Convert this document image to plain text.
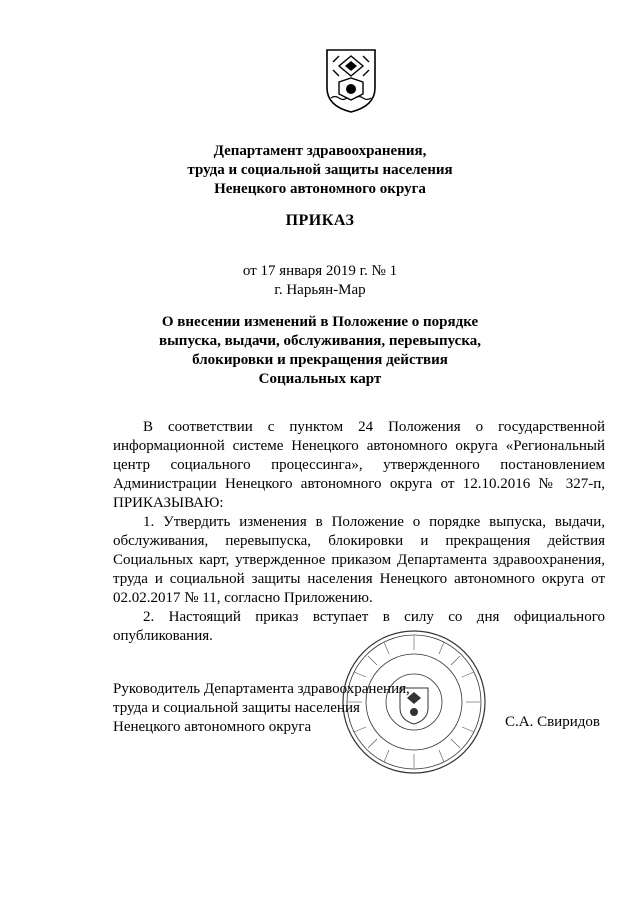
Департамент здравоохранения,
труда и социальной защиты населения
Ненецкого автономного округа
ПРИКАЗ
от 17 января 2019 г. № 1
г. Нарьян-Мар
О внесении изменений в Положение о порядке
выпуска, выдачи, обслуживания, перевыпуска,
блокировки и прекращения действия
Социальных карт

В соответствии с пунктом 24 Положения о государственной информационной системе Ненецкого автономного округа «Региональный центр социального процессинга», утвержденного постановлением Администрации Ненецкого автономного округа от 12.10.2016 № 327-п, ПРИКАЗЫВАЮ:

1. Утвердить изменения в Положение о порядке выпуска, выдачи, обслуживания, перевыпуска, блокировки и прекращения действия Социальных карт, утвержденное приказом Департамента здравоохранения, труда и социальной защиты населения Ненецкого автономного округа от 02.02.2017 № 11, согласно Приложению.

2. Настоящий приказ вступает в силу со дня официального опубликования.

Руководитель Департамента здравоохранения,
труда и социальной защиты населения
Ненецкого автономного округа	С.А. Свиридов
